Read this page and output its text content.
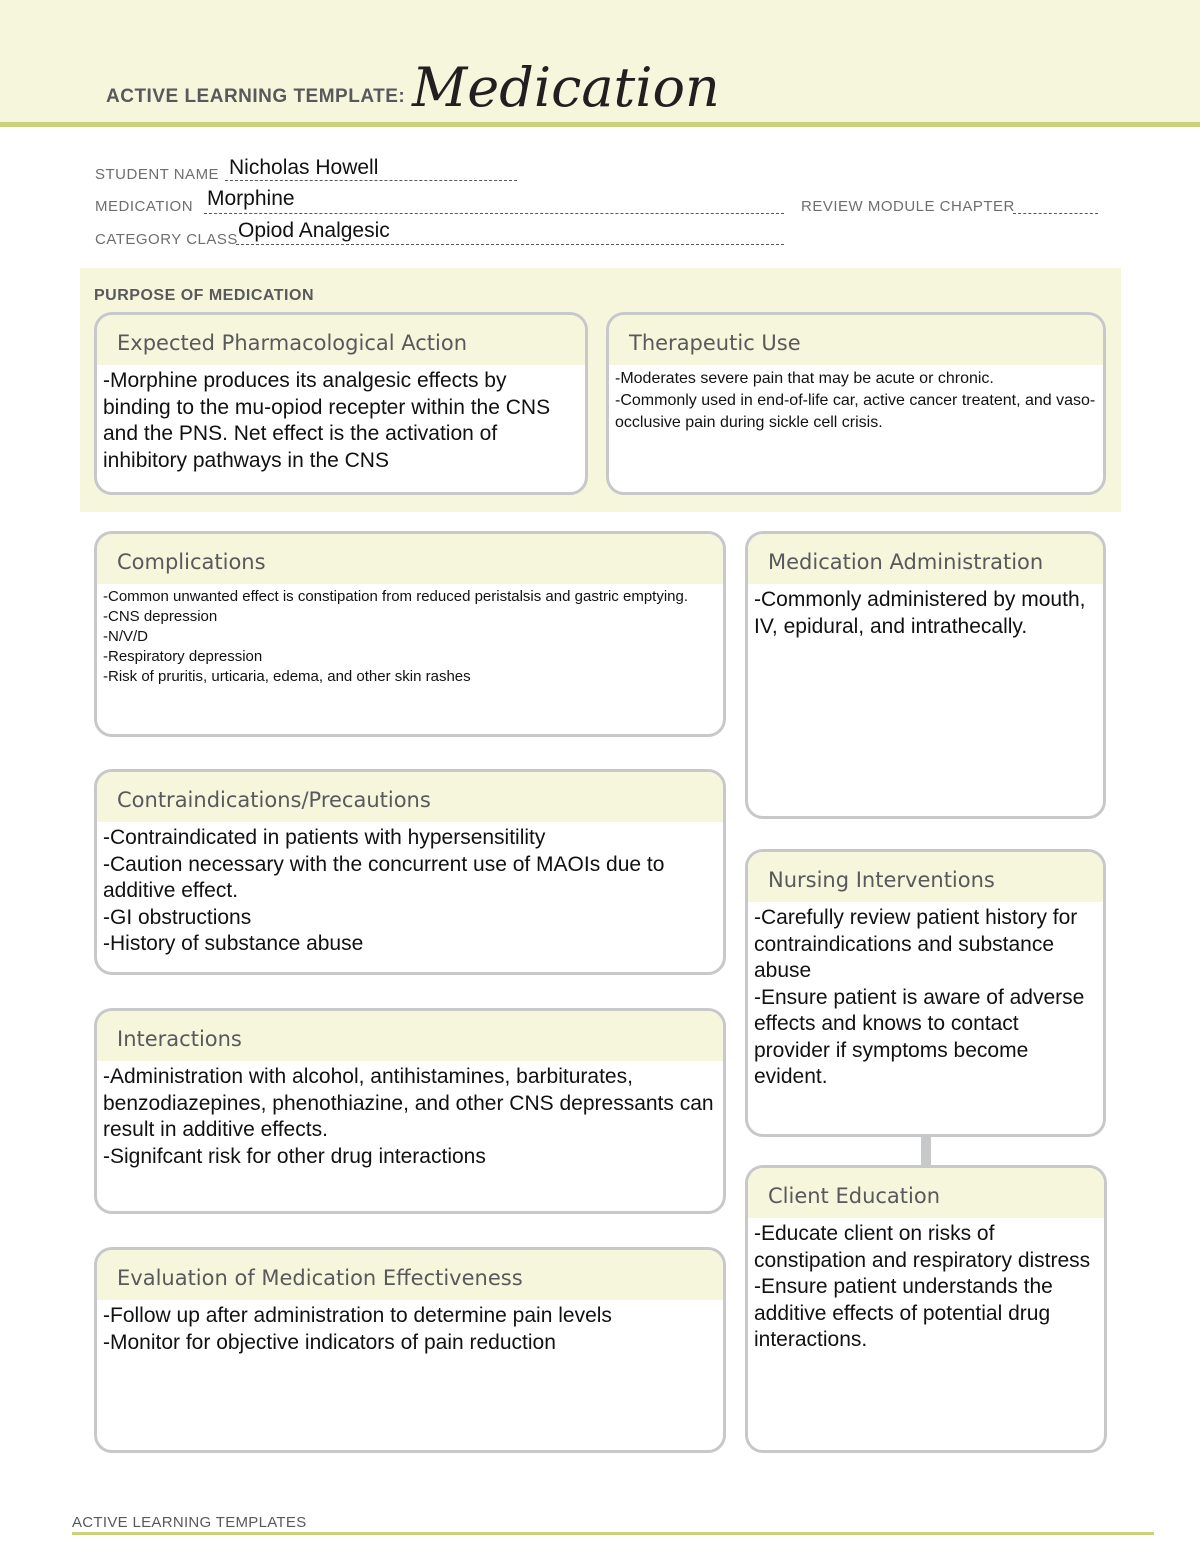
ACTIVE LEARNING TEMPLATE: Medication
STUDENT NAME Nicholas Howell
MEDICATION Morphine	REVIEW MODULE CHAPTER
CATEGORY CLASS Opiod Analgesic
PURPOSE OF MEDICATION
Expected Pharmacological Action
-Morphine produces its analgesic effects by binding to the mu-opiod recepter within the CNS and the PNS. Net effect is the activation of inhibitory pathways in the CNS
Therapeutic Use
-Moderates severe pain that may be acute or chronic.
-Commonly used in end-of-life car, active cancer treatent, and vaso-occlusive pain during sickle cell crisis.
Complications
-Common unwanted effect is constipation from reduced peristalsis and gastric emptying.
-CNS depression
-N/V/D
-Respiratory depression
-Risk of pruritis, urticaria, edema, and other skin rashes
Contraindications/Precautions
-Contraindicated in patients with hypersensitility
-Caution necessary with the concurrent use of MAOIs due to additive effect.
-GI obstructions
-History of substance abuse
Interactions
-Administration with alcohol, antihistamines, barbiturates, benzodiazepines, phenothiazine, and other CNS depressants can result in additive effects.
-Signifcant risk for other drug interactions
Evaluation of Medication Effectiveness
-Follow up after administration to determine pain levels
-Monitor for objective indicators of pain reduction
Medication Administration
-Commonly administered by mouth, IV, epidural, and intrathecally.
Nursing Interventions
-Carefully review patient history for contraindications and substance abuse
-Ensure patient is aware of adverse effects and knows to contact provider if symptoms become evident.
Client Education
-Educate client on risks of constipation and respiratory distress
-Ensure patient understands the additive effects of potential drug interactions.
ACTIVE LEARNING TEMPLATES
